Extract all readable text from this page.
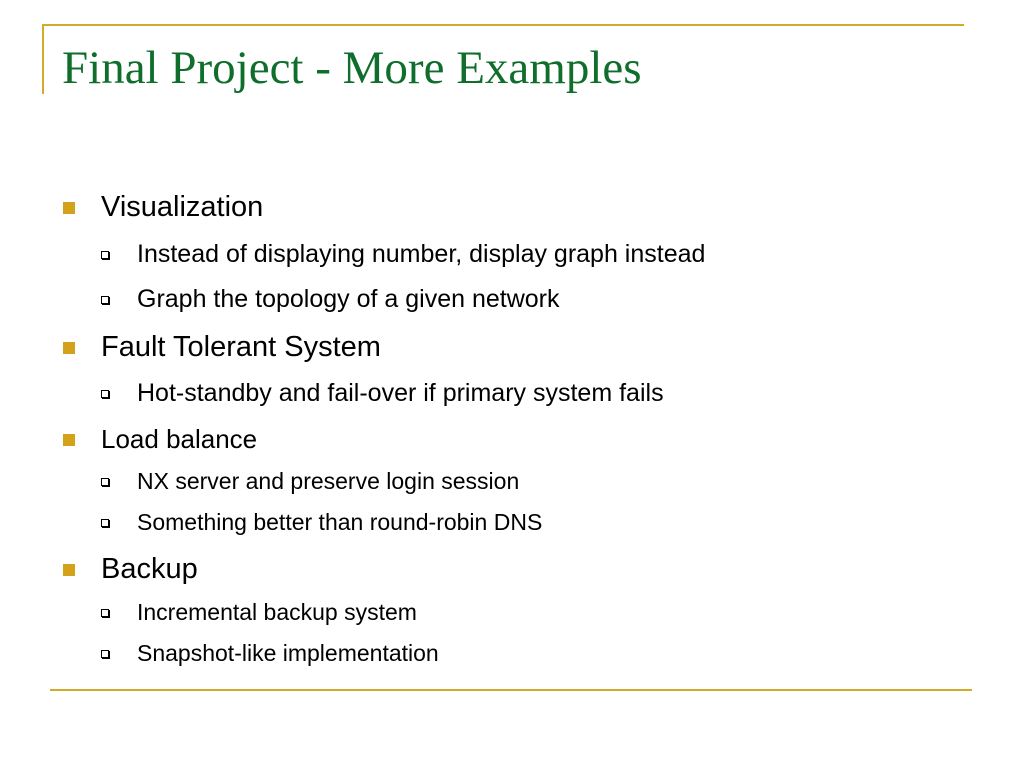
Final Project - More Examples
Visualization
Instead of displaying number, display graph instead
Graph the topology of a given network
Fault Tolerant System
Hot-standby and fail-over if primary system fails
Load balance
NX server and preserve login session
Something better than round-robin DNS
Backup
Incremental backup system
Snapshot-like implementation
